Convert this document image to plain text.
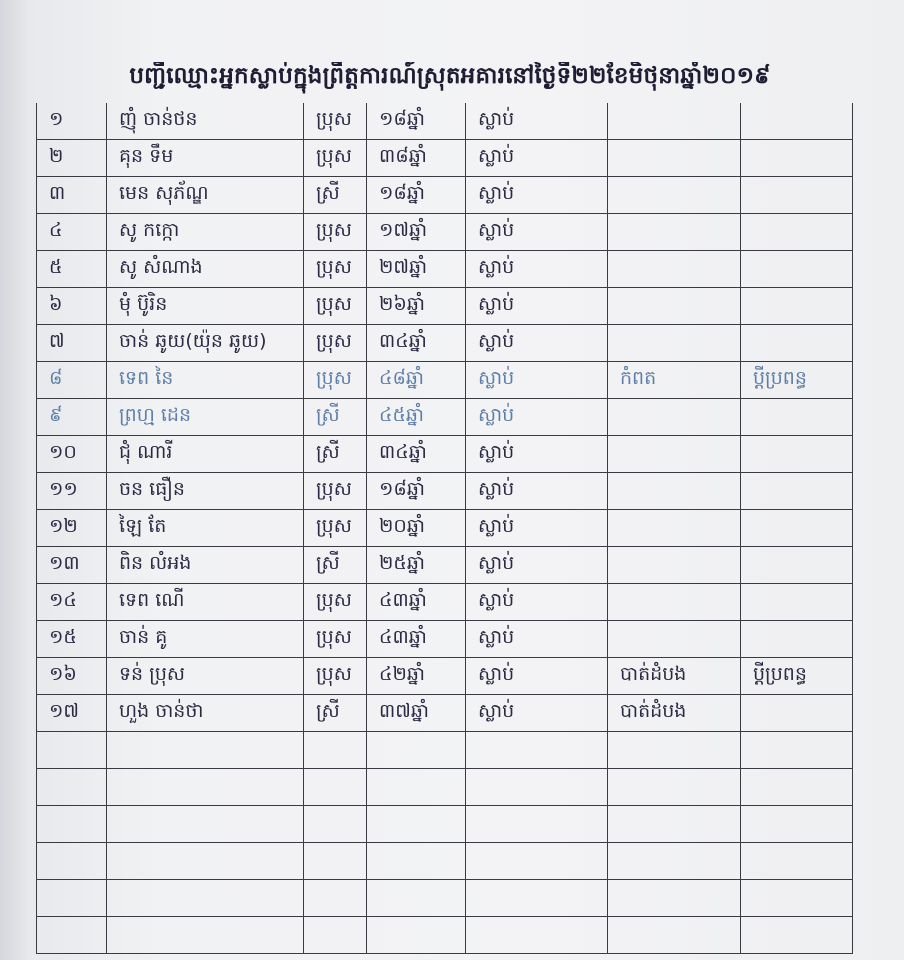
បញ្ជីឈ្មោះអ្នកស្លាប់ក្នុងព្រឹត្តការណ៍ស្រុតអគារនៅថ្ងៃទី២២ខែមិថុនាឆ្នាំ២០១៩
១	ញ៉ំ ចាន់ថន	ប្រុស	១៨ឆ្នាំ	ស្លាប់		
២	គុន ទឹម	ប្រុស	៣៨ឆ្នាំ	ស្លាប់		
៣	មេន សុភ័ណ្ឌ	ស្រី	១៨ឆ្នាំ	ស្លាប់		
៤	សូ កក្កោ	ប្រុស	១៧ឆ្នាំ	ស្លាប់		
៥	សូ សំណាង	ប្រុស	២៧ឆ្នាំ	ស្លាប់		
៦	មុំ ប៊ូរិន	ប្រុស	២៦ឆ្នាំ	ស្លាប់		
៧	ចាន់ ឆូយ(យ៉ុន ឆូយ)	ប្រុស	៣៤ឆ្នាំ	ស្លាប់		
៨	ទេព នៃ	ប្រុស	៤៨ឆ្នាំ	ស្លាប់	កំពត	ប្ដីប្រពន្ធ
៩	ព្រហ្ម ដេន	ស្រី	៤៥ឆ្នាំ	ស្លាប់		
១០	ជុំ ណារី	ស្រី	៣៤ឆ្នាំ	ស្លាប់		
១១	ចន ធឿន	ប្រុស	១៨ឆ្នាំ	ស្លាប់		
១២	ឡៃ តែ	ប្រុស	២០ឆ្នាំ	ស្លាប់		
១៣	ពិន លំអង	ស្រី	២៥ឆ្នាំ	ស្លាប់		
១៤	ទេព ណើ	ប្រុស	៤៣ឆ្នាំ	ស្លាប់		
១៥	ចាន់ គូ	ប្រុស	៤៣ឆ្នាំ	ស្លាប់		
១៦	ទន់ ប្រុស	ប្រុស	៤២ឆ្នាំ	ស្លាប់	បាត់ដំបង	ប្ដីប្រពន្ធ
១៧	ហួង ចាន់ថា	ស្រី	៣៧ឆ្នាំ	ស្លាប់	បាត់ដំបង	
